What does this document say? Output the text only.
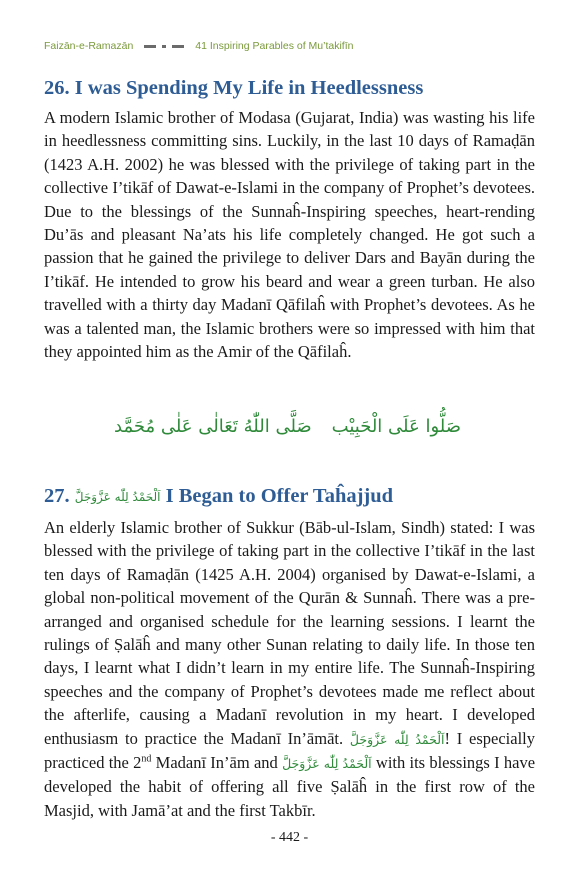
Faizān-e-Ramazān	41 Inspiring Parables of Mu’takifīn
26. I was Spending My Life in Heedlessness

A modern Islamic brother of Modasa (Gujarat, India) was wasting his life in heedlessness committing sins. Luckily, in the last 10 days of Ramaḍān (1423 A.H. 2002) he was blessed with the privilege of taking part in the collective I’tikāf of Dawat-e-Islami in the company of Prophet’s devotees. Due to the blessings of the Sunnaĥ-Inspiring speeches, heart-rending Du’ās and pleasant Na’ats his life completely changed. He got such a passion that he gained the privilege to deliver Dars and Bayān during the I’tikāf. He intended to grow his beard and wear a green turban. He also travelled with a thirty day Madanī Qāfilaĥ with Prophet’s devotees. As he was a talented man, the Islamic brothers were so impressed with him that they appointed him as the Amir of the Qāfilaĥ.

صَلُّوا عَلَى الْحَبِيْب
صَلَّى اللّٰهُ تَعَالٰى عَلٰى مُحَمَّد
27. اَلْحَمْدُ لِلّٰه عَزَّوَجَلَّ I Began to Offer Taĥajjud

An elderly Islamic brother of Sukkur (Bāb-ul-Islam, Sindh) stated: I was blessed with the privilege of taking part in the collective I’tikāf in the last ten days of Ramaḍān (1425 A.H. 2004) organised by Dawat-e-Islami, a global non-political movement of the Qurān & Sunnaĥ. There was a pre-arranged and organised schedule for the learning sessions. I learnt the rulings of Ṣalāĥ and many other Sunan relating to daily life. In those ten days, I learnt what I didn’t learn in my entire life. The Sunnaĥ-Inspiring speeches and the company of Prophet’s devotees made me reflect about the afterlife, causing a Madanī revolution in my heart. I developed enthusiasm to practice the Madanī In’āmāt. اَلْحَمْدُ لِلّٰه عَزَّوَجَلَّ! I especially practiced the 2nd Madanī In’ām and اَلْحَمْدُ لِلّٰه عَزَّوَجَلَّ with its blessings I have developed the habit of offering all five Ṣalāĥ in the first row of the Masjid, with Jamā’at and the first Takbīr.

- 442 -
